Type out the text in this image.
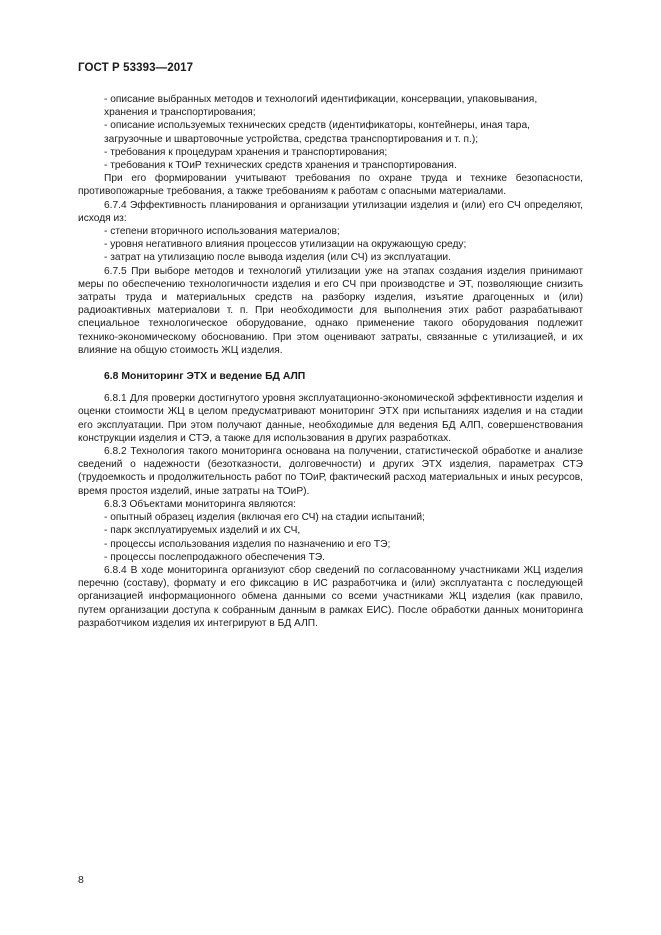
ГОСТ Р 53393—2017

- описание выбранных методов и технологий идентификации, консервации, упаковывания, хранения и транспортирования;

- описание используемых технических средств (идентификаторы, контейнеры, иная тара, загрузочные и швартовочные устройства, средства транспортирования и т. п.);

- требования к процедурам хранения и транспортирования;

- требования к ТОиР технических средств хранения и транспортирования.

При его формировании учитывают требования по охране труда и технике безопасности, противопожарные требования, а также требованиям к работам с опасными материалами.

6.7.4 Эффективность планирования и организации утилизации изделия и (или) его СЧ определяют, исходя из:

- степени вторичного использования материалов;

- уровня негативного влияния процессов утилизации на окружающую среду;

- затрат на утилизацию после вывода изделия (или СЧ) из эксплуатации.

6.7.5 При выборе методов и технологий утилизации уже на этапах создания изделия принимают меры по обеспечению технологичности изделия и его СЧ при производстве и ЭТ, позволяющие снизить затраты труда и материальных средств на разборку изделия, изъятие драгоценных и (или) радиоактивных материалови т. п. При необходимости для выполнения этих работ разрабатывают специальное технологическое оборудование, однако применение такого оборудования подлежит технико-экономическому обоснованию. При этом оценивают затраты, связанные с утилизацией, и их влияние на общую стоимость ЖЦ изделия.

6.8 Мониторинг ЭТХ и ведение БД АЛП

6.8.1 Для проверки достигнутого уровня эксплуатационно-экономической эффективности изделия и оценки стоимости ЖЦ в целом предусматривают мониторинг ЭТХ при испытаниях изделия и на стадии его эксплуатации. При этом получают данные, необходимые для ведения БД АЛП, совершенствования конструкции изделия и СТЭ, а также для использования в других разработках.

6.8.2 Технология такого мониторинга основана на получении, статистической обработке и анализе сведений о надежности (безотказности, долговечности) и других ЭТХ изделия, параметрах СТЭ (трудоемкость и продолжительность работ по ТОиР, фактический расход материальных и иных ресурсов, время простоя изделий, иные затраты на ТОиР).

6.8.3 Объектами мониторинга являются:

- опытный образец изделия (включая его СЧ) на стадии испытаний;

- парк эксплуатируемых изделий и их СЧ,

- процессы использования изделия по назначению и его ТЭ;

- процессы послепродажного обеспечения ТЭ.

6.8.4 В ходе мониторинга организуют сбор сведений по согласованному участниками ЖЦ изделия перечню (составу), формату и его фиксацию в ИС разработчика и (или) эксплуатанта с последующей организацией информационного обмена данными со всеми участниками ЖЦ изделия (как правило, путем организации доступа к собранным данным в рамках ЕИС). После обработки данных мониторинга разработчиком изделия их интегрируют в БД АЛП.

8
